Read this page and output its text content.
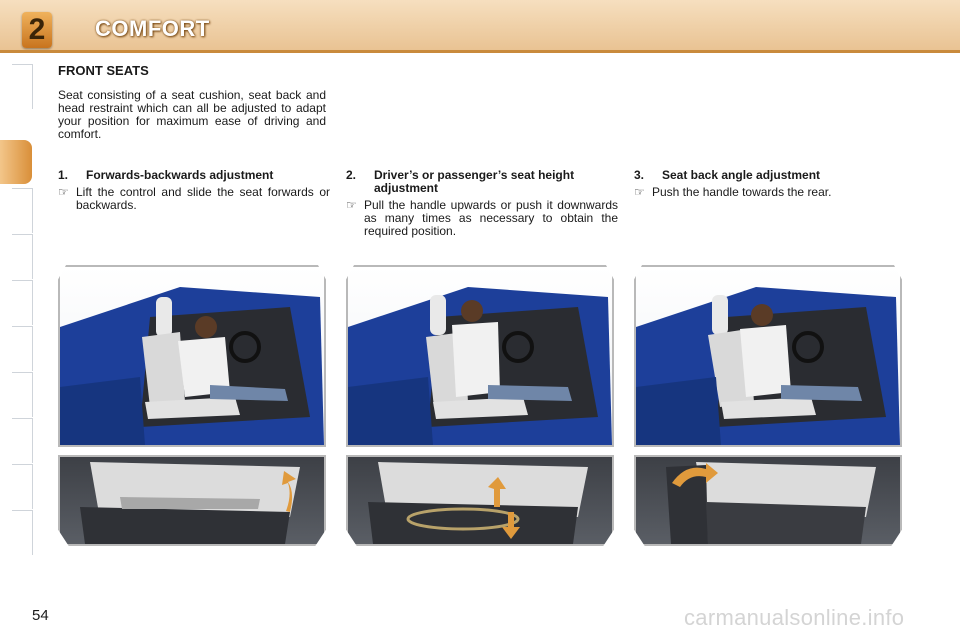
2	COMFORT
FRONT SEATS
Seat consisting of a seat cushion, seat back and head restraint which can all be adjusted to adapt your position for maximum ease of driving and comfort.
1.	Forwards-backwards adjustment
☞ Lift the control and slide the seat forwards or backwards.
2.	Driver’s or passenger’s seat height adjustment
☞ Pull the handle upwards or push it downwards as many times as necessary to obtain the required position.
3.	Seat back angle adjustment
☞ Push the handle towards the rear.
54	carmanualsonline.info
